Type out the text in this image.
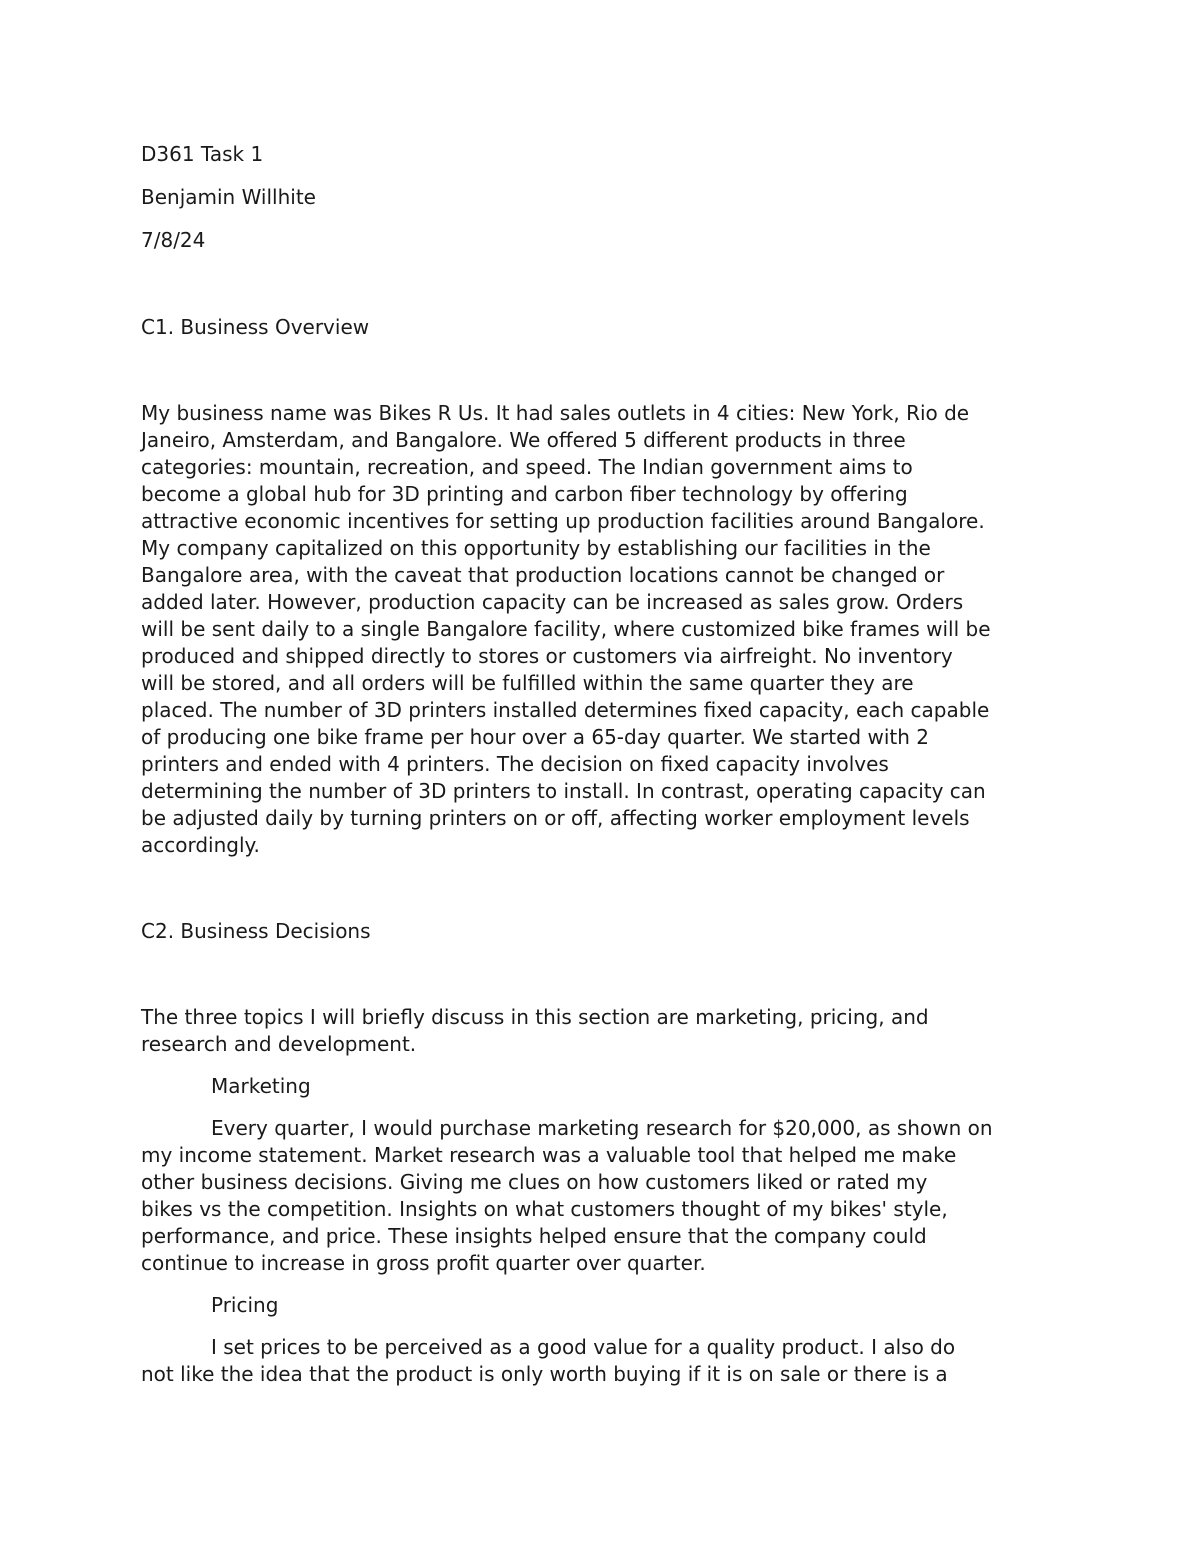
D361 Task 1

Benjamin Willhite

7/8/24

C1. Business Overview

My business name was Bikes R Us. It had sales outlets in 4 cities: New York, Rio de

Janeiro, Amsterdam, and Bangalore. We offered 5 different products in three

categories: mountain, recreation, and speed. The Indian government aims to

become a global hub for 3D printing and carbon fiber technology by offering

attractive economic incentives for setting up production facilities around Bangalore.

My company capitalized on this opportunity by establishing our facilities in the

Bangalore area, with the caveat that production locations cannot be changed or

added later. However, production capacity can be increased as sales grow. Orders

will be sent daily to a single Bangalore facility, where customized bike frames will be

produced and shipped directly to stores or customers via airfreight. No inventory

will be stored, and all orders will be fulfilled within the same quarter they are

placed. The number of 3D printers installed determines fixed capacity, each capable

of producing one bike frame per hour over a 65-day quarter. We started with 2

printers and ended with 4 printers. The decision on fixed capacity involves

determining the number of 3D printers to install. In contrast, operating capacity can

be adjusted daily by turning printers on or off, affecting worker employment levels

accordingly.

C2. Business Decisions

The three topics I will briefly discuss in this section are marketing, pricing, and

research and development.

Marketing

Every quarter, I would purchase marketing research for $20,000, as shown on

my income statement. Market research was a valuable tool that helped me make

other business decisions. Giving me clues on how customers liked or rated my

bikes vs the competition. Insights on what customers thought of my bikes' style,

performance, and price. These insights helped ensure that the company could

continue to increase in gross profit quarter over quarter.

Pricing

I set prices to be perceived as a good value for a quality product. I also do

not like the idea that the product is only worth buying if it is on sale or there is a
